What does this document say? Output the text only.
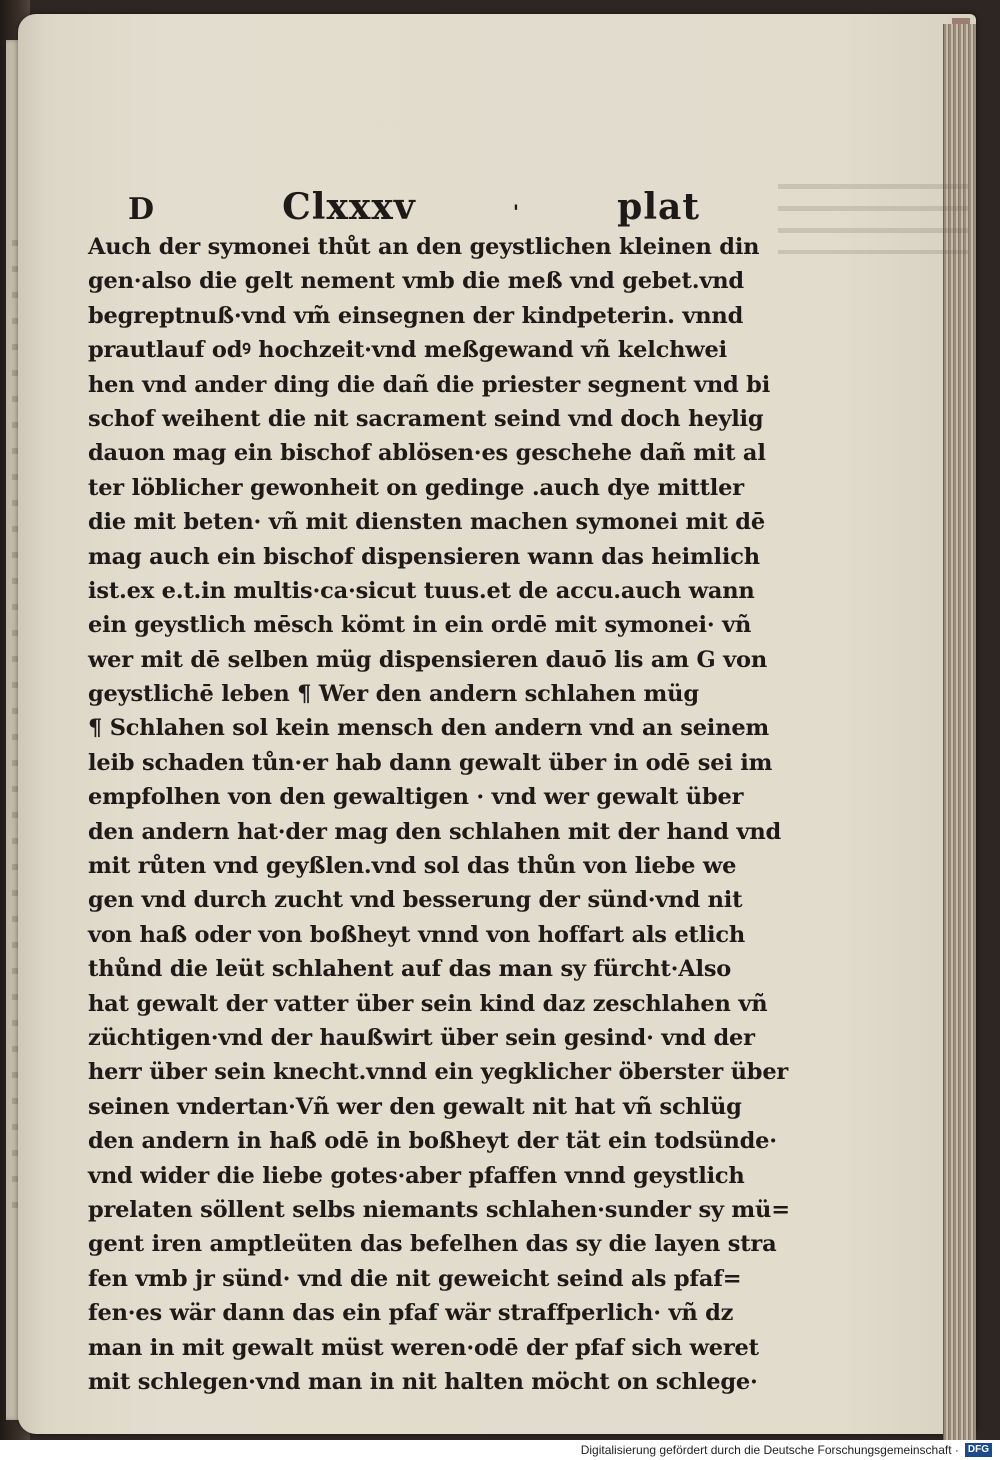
D	Clxxxv	'	plat
Auch der symonei thůt an den geystlichen kleinen din
gen·also die gelt nement vmb die meß vnd gebet.vnd
begreptnuß·vnd vm̃ einsegnen der kindpeterin. vnnd
prautlauf odꝰ hochzeit·vnd meßgewand vñ kelchwei
hen vnd ander ding die dañ die priester segnent vnd bi
schof weihent die nit sacrament seind vnd doch heylig
dauon mag ein bischof ablösen·es geschehe dañ mit al
ter löblicher gewonheit on gedinge .auch dye mittler
die mit beten· vñ mit diensten machen symonei mit dē
mag auch ein bischof dispensieren wann das heimlich
ist.ex e.t.in multis·ca·sicut tuus.et de accu.auch wann
ein geystlich mēsch kömt in ein ordē mit symonei· vñ
wer mit dē selben müg dispensieren dauō lis am G von
geystlichē leben ¶ Wer den andern schlahen müg
¶ Schlahen sol kein mensch den andern vnd an seinem
leib schaden tůn·er hab dann gewalt über in odē sei im
empfolhen von den gewaltigen · vnd wer gewalt über
den andern hat·der mag den schlahen mit der hand vnd
mit růten vnd geyßlen.vnd sol das thůn von liebe we
gen vnd durch zucht vnd besserung der sünd·vnd nit
von haß oder von boßheyt vnnd von hoffart als etlich
thůnd die leüt schlahent auf das man sy fürcht·Also
hat gewalt der vatter über sein kind daz zeschlahen vñ
züchtigen·vnd der haußwirt über sein gesind· vnd der
herr über sein knecht.vnnd ein yegklicher öberster über
seinen vndertan·Vñ wer den gewalt nit hat vñ schlüg
den andern in haß odē in boßheyt der tät ein todsünde·
vnd wider die liebe gotes·aber pfaffen vnnd geystlich
prelaten söllent selbs niemants schlahen·sunder sy mü=
gent iren amptleüten das befelhen das sy die layen stra
fen vmb jr sünd· vnd die nit geweicht seind als pfaf=
fen·es wär dann das ein pfaf wär straffperlich· vñ dz
man in mit gewalt müst weren·odē der pfaf sich weret
mit schlegen·vnd man in nit halten möcht on schlege·
Digitalisierung gefördert durch die Deutsche Forschungsgemeinschaft · DFG
